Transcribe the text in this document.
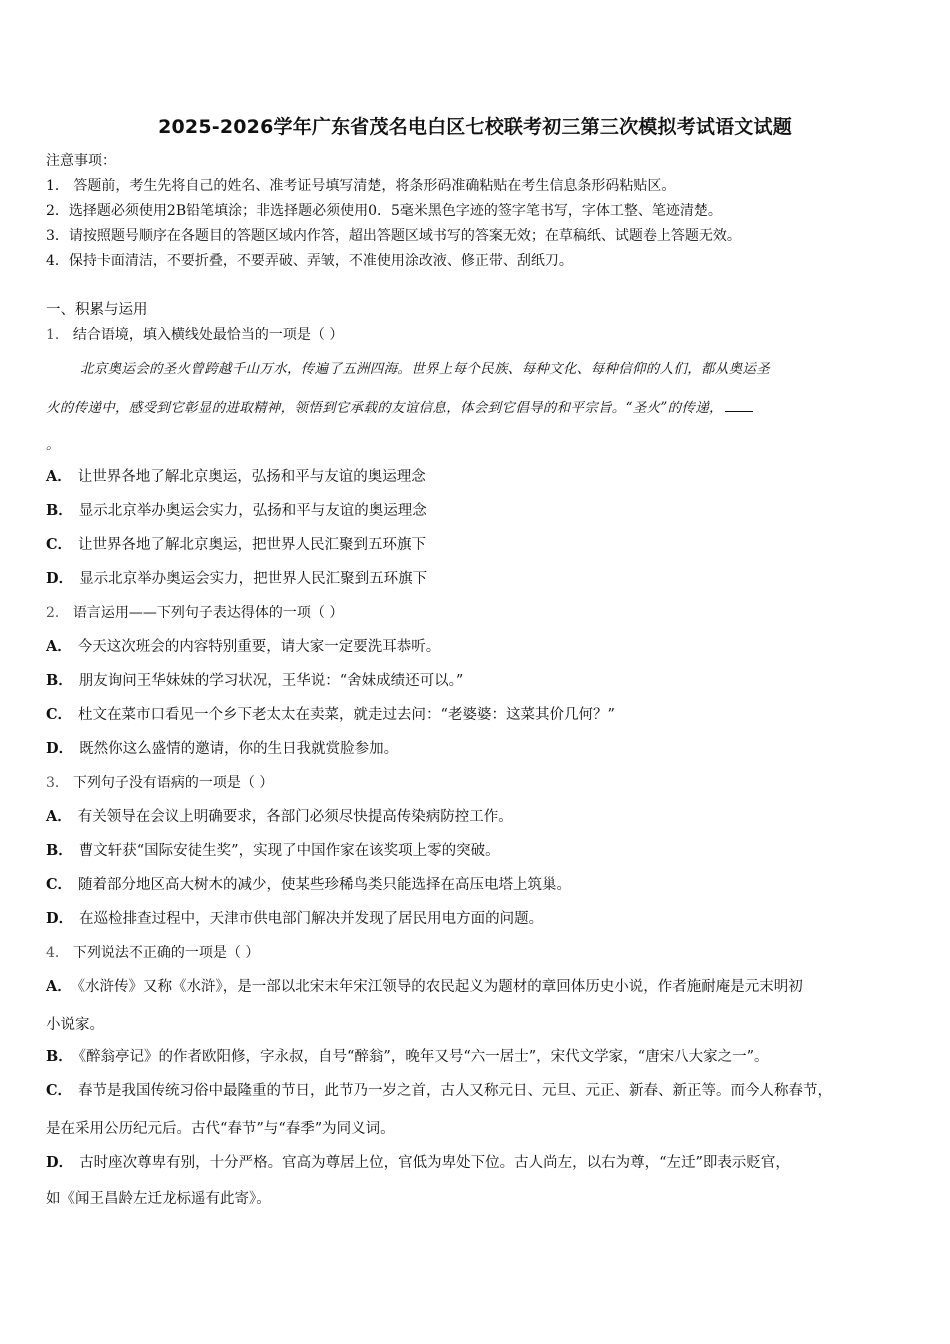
2025-2026学年广东省茂名电白区七校联考初三第三次模拟考试语文试题
注意事项：
1． 答题前，考生先将自己的姓名、准考证号填写清楚，将条形码准确粘贴在考生信息条形码粘贴区。
2．选择题必须使用2B铅笔填涂；非选择题必须使用0．5毫米黑色字迹的签字笔书写，字体工整、笔迹清楚。
3．请按照题号顺序在各题目的答题区域内作答，超出答题区域书写的答案无效；在草稿纸、试题卷上答题无效。
4．保持卡面清洁，不要折叠，不要弄破、弄皱，不准使用涂改液、修正带、刮纸刀。
一、积累与运用
1． 结合语境，填入横线处最恰当的一项是（ ）
北京奥运会的圣火曾跨越千山万水，传遍了五洲四海。世界上每个民族、每种文化、每种信仰的人们，都从奥运圣
火的传递中，感受到它彰显的进取精神，领悟到它承载的友谊信息，体会到它倡导的和平宗旨。“圣火”的传递，
。
A． 让世界各地了解北京奥运，弘扬和平与友谊的奥运理念
B． 显示北京举办奥运会实力，弘扬和平与友谊的奥运理念
C． 让世界各地了解北京奥运，把世界人民汇聚到五环旗下
D． 显示北京举办奥运会实力，把世界人民汇聚到五环旗下
2． 语言运用——下列句子表达得体的一项（ ）
A． 今天这次班会的内容特别重要，请大家一定要洗耳恭听。
B． 朋友询问王华妹妹的学习状况，王华说：“舍妹成绩还可以。”
C． 杜文在菜市口看见一个乡下老太太在卖菜，就走过去问：“老婆婆：这菜其价几何？”
D． 既然你这么盛情的邀请，你的生日我就赏脸参加。
3． 下列句子没有语病的一项是（ ）
A． 有关领导在会议上明确要求，各部门必须尽快提高传染病防控工作。
B． 曹文轩获“国际安徒生奖”，实现了中国作家在该奖项上零的突破。
C． 随着部分地区高大树木的减少，使某些珍稀鸟类只能选择在高压电塔上筑巢。
D． 在巡检排查过程中，天津市供电部门解决并发现了居民用电方面的问题。
4． 下列说法不正确的一项是（ ）
A． 《水浒传》又称《水浒》，是一部以北宋末年宋江领导的农民起义为题材的章回体历史小说，作者施耐庵是元末明初
小说家。
B． 《醉翁亭记》的作者欧阳修，字永叔，自号“醉翁”，晚年又号“六一居士”，宋代文学家，“唐宋八大家之一”。
C． 春节是我国传统习俗中最隆重的节日，此节乃一岁之首，古人又称元日、元旦、元正、新春、新正等。而今人称春节，
是在采用公历纪元后。古代“春节”与“春季”为同义词。
D． 古时座次尊卑有别，十分严格。官高为尊居上位，官低为卑处下位。古人尚左，以右为尊，“左迁”即表示贬官，
如《闻王昌龄左迁龙标遥有此寄》。
